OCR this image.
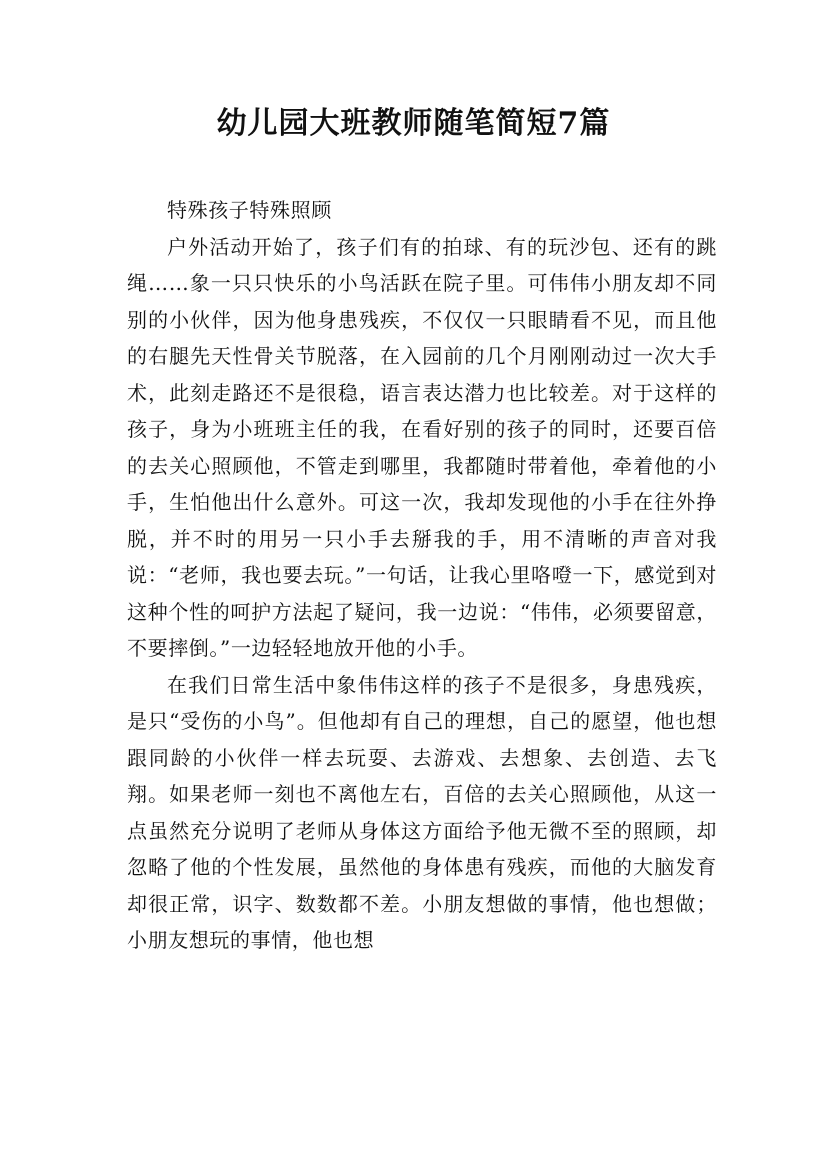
幼儿园大班教师随笔简短7篇

特殊孩子特殊照顾

户外活动开始了，孩子们有的拍球、有的玩沙包、还有的跳绳……象一只只快乐的小鸟活跃在院子里。可伟伟小朋友却不同别的小伙伴，因为他身患残疾，不仅仅一只眼睛看不见，而且他的右腿先天性骨关节脱落，在入园前的几个月刚刚动过一次大手术，此刻走路还不是很稳，语言表达潜力也比较差。对于这样的孩子，身为小班班主任的我，在看好别的孩子的同时，还要百倍的去关心照顾他，不管走到哪里，我都随时带着他，牵着他的小手，生怕他出什么意外。可这一次，我却发现他的小手在往外挣脱，并不时的用另一只小手去掰我的手，用不清晰的声音对我说：“老师，我也要去玩。”一句话，让我心里咯噔一下，感觉到对这种个性的呵护方法起了疑问，我一边说：“伟伟，必须要留意，不要摔倒。”一边轻轻地放开他的小手。

在我们日常生活中象伟伟这样的孩子不是很多，身患残疾，是只“受伤的小鸟”。但他却有自己的理想，自己的愿望，他也想跟同龄的小伙伴一样去玩耍、去游戏、去想象、去创造、去飞翔。如果老师一刻也不离他左右，百倍的去关心照顾他，从这一点虽然充分说明了老师从身体这方面给予他无微不至的照顾，却忽略了他的个性发展，虽然他的身体患有残疾，而他的大脑发育却很正常，识字、数数都不差。小朋友想做的事情，他也想做；小朋友想玩的事情，他也想
